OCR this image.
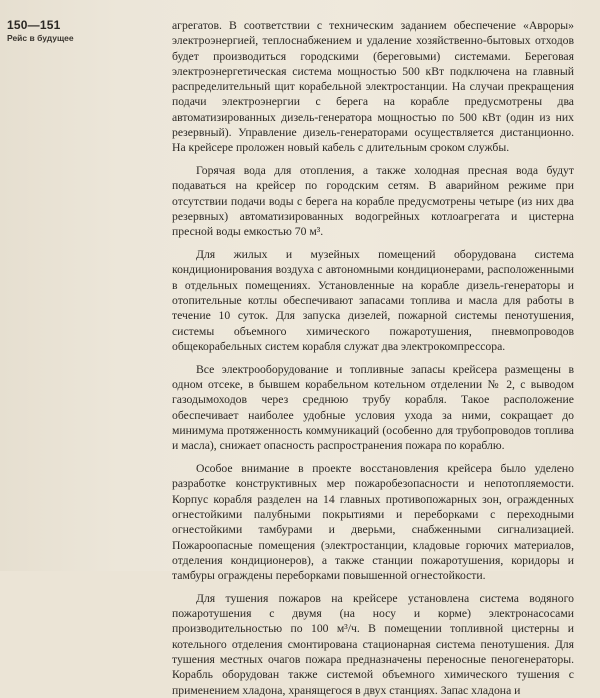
150—151
Рейс в будущее

агрегатов. В соответствии с техническим заданием обеспечение «Авроры» электроэнергией, теплоснабжением и удаление хозяйственно-бытовых отходов будет производиться городскими (береговыми) системами. Береговая электроэнергетическая система мощностью 500 кВт подключена на главный распределительный щит корабельной электростанции. На случаи прекращения подачи электроэнергии с берега на корабле предусмотрены два автоматизированных дизель-генератора мощностью по 500 кВт (один из них резервный). Управление дизель-генераторами осуществляется дистанционно. На крейсере проложен новый кабель с длительным сроком службы.

Горячая вода для отопления, а также холодная пресная вода будут подаваться на крейсер по городским сетям. В аварийном режиме при отсутствии подачи воды с берега на корабле предусмотрены четыре (из них два резервных) автоматизированных водогрейных котлоагрегата и цистерна пресной воды емкостью 70 м³.

Для жилых и музейных помещений оборудована система кондиционирования воздуха с автономными кондиционерами, расположенными в отдельных помещениях. Установленные на корабле дизель-генераторы и отопительные котлы обеспечивают запасами топлива и масла для работы в течение 10 суток. Для запуска дизелей, пожарной системы пенотушения, системы объемного химического пожаротушения, пневмопроводов общекорабельных систем корабля служат два электрокомпрессора.

Все электрооборудование и топливные запасы крейсера размещены в одном отсеке, в бывшем корабельном котельном отделении № 2, с выводом газодымоходов через среднюю трубу корабля. Такое расположение обеспечивает наиболее удобные условия ухода за ними, сокращает до минимума протяженность коммуникаций (особенно для трубопроводов топлива и масла), снижает опасность распространения пожара по кораблю.

Особое внимание в проекте восстановления крейсера было уделено разработке конструктивных мер пожаробезопасности и непотопляемости. Корпус корабля разделен на 14 главных противопожарных зон, огражденных огнестойкими палубными покрытиями и переборками с переходными огнестойкими тамбурами и дверьми, снабженными сигнализацией. Пожароопасные помещения (электростанции, кладовые горючих материалов, отделения кондиционеров), а также станции пожаротушения, коридоры и тамбуры ограждены переборками повышенной огнестойкости.

Для тушения пожаров на крейсере установлена система водяного пожаротушения с двумя (на носу и корме) электронасосами производительностью по 100 м³/ч. В помещении топливной цистерны и котельного отделения смонтирована стационарная система пенотушения. Для тушения местных очагов пожара предназначены переносные пеногенераторы. Корабль оборудован также системой объемного химического тушения с применением хладона, хранящегося в двух станциях. Запас хладона и
